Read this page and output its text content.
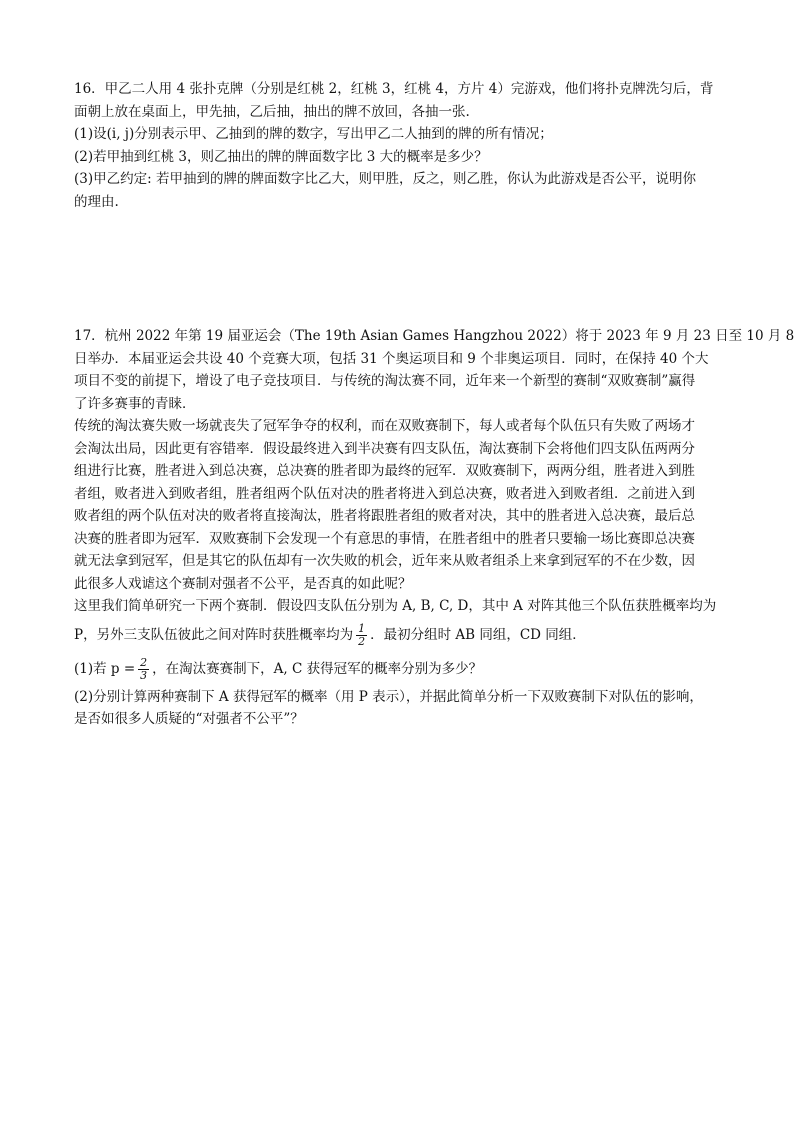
16．甲乙二人用 4 张扑克牌（分别是红桃 2，红桃 3，红桃 4，方片 4）完游戏，他们将扑克牌洗匀后，背
面朝上放在桌面上，甲先抽，乙后抽，抽出的牌不放回，各抽一张.
(1)设(i, j)分别表示甲、乙抽到的牌的数字，写出甲乙二人抽到的牌的所有情况；
(2)若甲抽到红桃 3，则乙抽出的牌的牌面数字比 3 大的概率是多少？
(3)甲乙约定: 若甲抽到的牌的牌面数字比乙大，则甲胜，反之，则乙胜，你认为此游戏是否公平，说明你
的理由.
17．杭州 2022 年第 19 届亚运会（The 19th Asian Games Hangzhou 2022）将于 2023 年 9 月 23 日至 10 月 8
日举办．本届亚运会共设 40 个竞赛大项，包括 31 个奥运项目和 9 个非奥运项目．同时，在保持 40 个大
项目不变的前提下，增设了电子竞技项目．与传统的淘汰赛不同，近年来一个新型的赛制“双败赛制”赢得
了许多赛事的青睐．
传统的淘汰赛失败一场就丧失了冠军争夺的权利，而在双败赛制下，每人或者每个队伍只有失败了两场才
会淘汰出局，因此更有容错率．假设最终进入到半决赛有四支队伍，淘汰赛制下会将他们四支队伍两两分
组进行比赛，胜者进入到总决赛，总决赛的胜者即为最终的冠军．双败赛制下，两两分组，胜者进入到胜
者组，败者进入到败者组，胜者组两个队伍对决的胜者将进入到总决赛，败者进入到败者组．之前进入到
败者组的两个队伍对决的败者将直接淘汰，胜者将跟胜者组的败者对决，其中的胜者进入总决赛，最后总
决赛的胜者即为冠军．双败赛制下会发现一个有意思的事情，在胜者组中的胜者只要输一场比赛即总决赛
就无法拿到冠军，但是其它的队伍却有一次失败的机会，近年来从败者组杀上来拿到冠军的不在少数，因
此很多人戏谑这个赛制对强者不公平，是否真的如此呢？
这里我们简单研究一下两个赛制．假设四支队伍分别为 A, B, C, D，其中 A 对阵其他三个队伍获胜概率均为
P，另外三支队伍彼此之间对阵时获胜概率均为 $\frac{1}{2}$ ．最初分组时 AB 同组，CD 同组．
(1)若 $p = \frac{2}{3}$ ，在淘汰赛赛制下，A, C 获得冠军的概率分别为多少？
(2)分别计算两种赛制下 A 获得冠军的概率（用 P 表示），并据此简单分析一下双败赛制下对队伍的影响，
是否如很多人质疑的“对强者不公平”？
